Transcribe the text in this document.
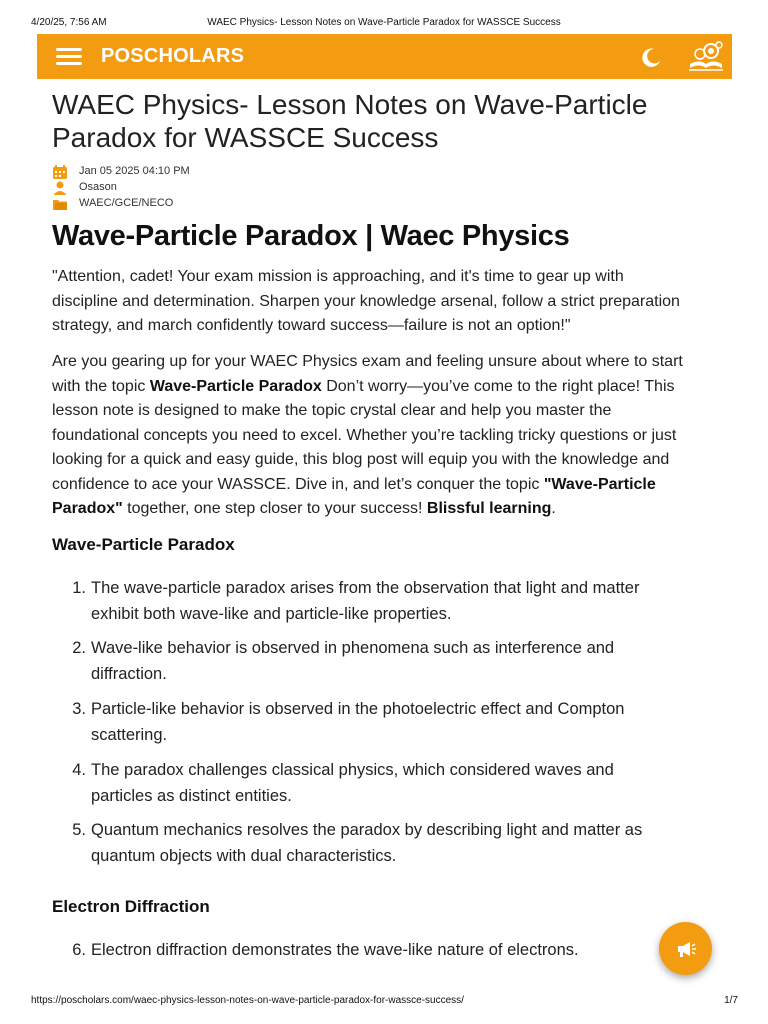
4/20/25, 7:56 AM	WAEC Physics- Lesson Notes on Wave-Particle Paradox for WASSCE Success
POSCHOLARS
WAEC Physics- Lesson Notes on Wave-Particle
Paradox for WASSCE Success
Jan 05 2025 04:10 PM
Osason
WAEC/GCE/NECO
Wave-Particle Paradox | Waec Physics

"Attention, cadet! Your exam mission is approaching, and it's time to gear up with
discipline and determination. Sharpen your knowledge arsenal, follow a strict preparation
strategy, and march confidently toward success—failure is not an option!"

Are you gearing up for your WAEC Physics exam and feeling unsure about where to start
with the topic Wave-Particle Paradox Don’t worry—you’ve come to the right place! This
lesson note is designed to make the topic crystal clear and help you master the
foundational concepts you need to excel. Whether you’re tackling tricky questions or just
looking for a quick and easy guide, this blog post will equip you with the knowledge and
confidence to ace your WASSCE. Dive in, and let’s conquer the topic "Wave-Particle
Paradox" together, one step closer to your success! Blissful learning.

Wave-Particle Paradox
1. The wave-particle paradox arises from the observation that light and matter
exhibit both wave-like and particle-like properties.
2. Wave-like behavior is observed in phenomena such as interference and
diffraction.
3. Particle-like behavior is observed in the photoelectric effect and Compton
scattering.
4. The paradox challenges classical physics, which considered waves and
particles as distinct entities.
5. Quantum mechanics resolves the paradox by describing light and matter as
quantum objects with dual characteristics.
Electron Diffraction
6. Electron diffraction demonstrates the wave-like nature of electrons.
https://poscholars.com/waec-physics-lesson-notes-on-wave-particle-paradox-for-wassce-success/	1/7
